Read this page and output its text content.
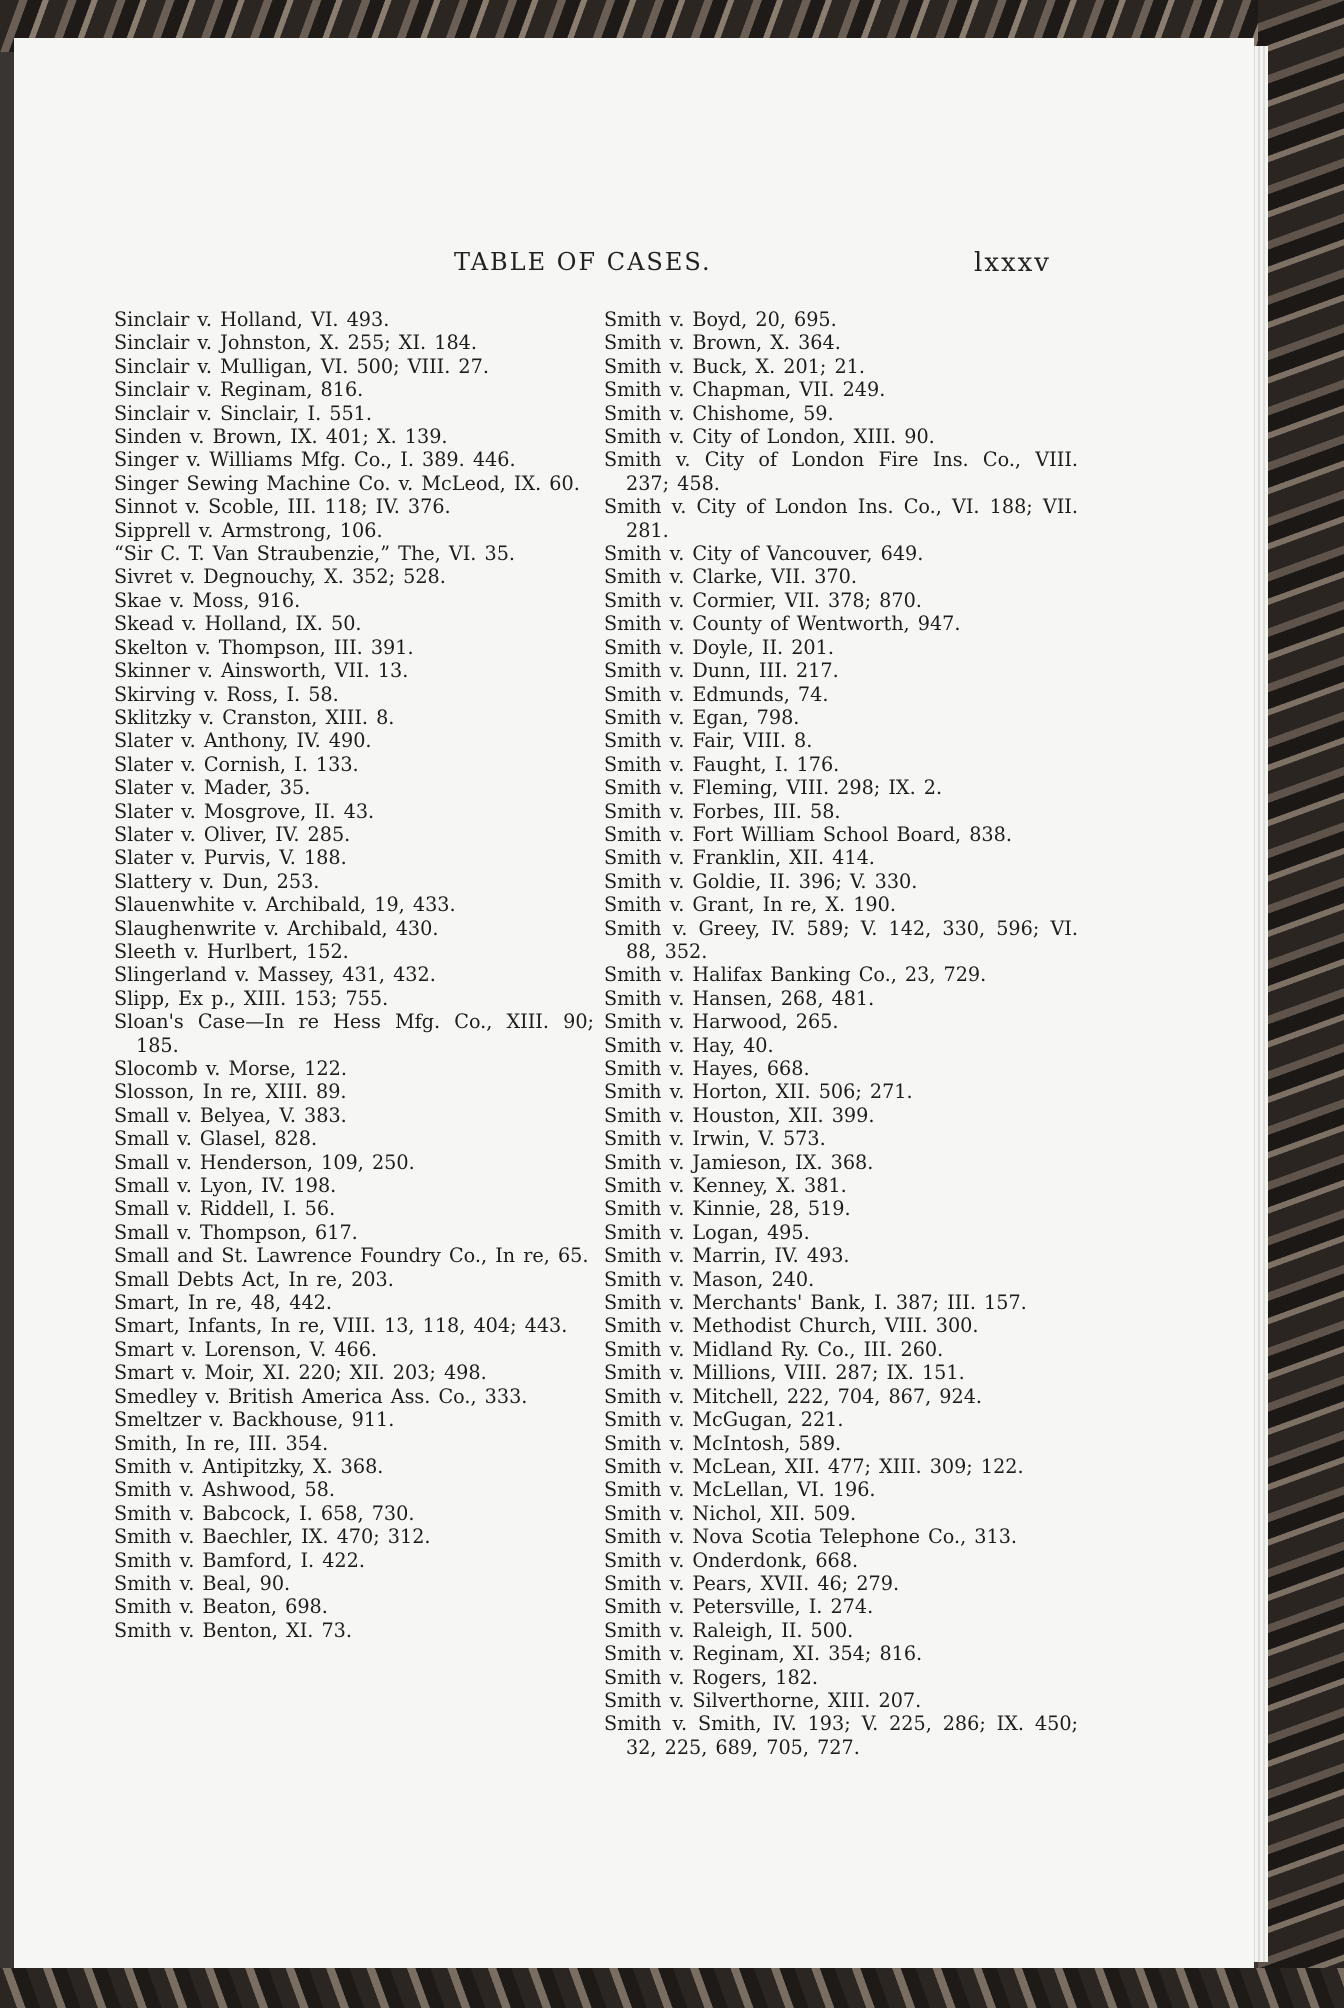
TABLE OF CASES.	lxxxv
Sinclair v. Holland, VI. 493.
Sinclair v. Johnston, X. 255; XI. 184.
Sinclair v. Mulligan, VI. 500; VIII. 27.
Sinclair v. Reginam, 816.
Sinclair v. Sinclair, I. 551.
Sinden v. Brown, IX. 401; X. 139.
Singer v. Williams Mfg. Co., I. 389. 446.
Singer Sewing Machine Co. v. McLeod, IX. 60.
Sinnot v. Scoble, III. 118; IV. 376.
Sipprell v. Armstrong, 106.
“Sir C. T. Van Straubenzie,” The, VI. 35.
Sivret v. Degnouchy, X. 352; 528.
Skae v. Moss, 916.
Skead v. Holland, IX. 50.
Skelton v. Thompson, III. 391.
Skinner v. Ainsworth, VII. 13.
Skirving v. Ross, I. 58.
Sklitzky v. Cranston, XIII. 8.
Slater v. Anthony, IV. 490.
Slater v. Cornish, I. 133.
Slater v. Mader, 35.
Slater v. Mosgrove, II. 43.
Slater v. Oliver, IV. 285.
Slater v. Purvis, V. 188.
Slattery v. Dun, 253.
Slauenwhite v. Archibald, 19, 433.
Slaughenwrite v. Archibald, 430.
Sleeth v. Hurlbert, 152.
Slingerland v. Massey, 431, 432.
Slipp, Ex p., XIII. 153; 755.
Sloan's Case—In re Hess Mfg. Co., XIII. 90; 185.
Slocomb v. Morse, 122.
Slosson, In re, XIII. 89.
Small v. Belyea, V. 383.
Small v. Glasel, 828.
Small v. Henderson, 109, 250.
Small v. Lyon, IV. 198.
Small v. Riddell, I. 56.
Small v. Thompson, 617.
Small and St. Lawrence Foundry Co., In re, 65.
Small Debts Act, In re, 203.
Smart, In re, 48, 442.
Smart, Infants, In re, VIII. 13, 118, 404; 443.
Smart v. Lorenson, V. 466.
Smart v. Moir, XI. 220; XII. 203; 498.
Smedley v. British America Ass. Co., 333.
Smeltzer v. Backhouse, 911.
Smith, In re, III. 354.
Smith v. Antipitzky, X. 368.
Smith v. Ashwood, 58.
Smith v. Babcock, I. 658, 730.
Smith v. Baechler, IX. 470; 312.
Smith v. Bamford, I. 422.
Smith v. Beal, 90.
Smith v. Beaton, 698.
Smith v. Benton, XI. 73.
Smith v. Boyd, 20, 695.
Smith v. Brown, X. 364.
Smith v. Buck, X. 201; 21.
Smith v. Chapman, VII. 249.
Smith v. Chishome, 59.
Smith v. City of London, XIII. 90.
Smith v. City of London Fire Ins. Co., VIII. 237; 458.
Smith v. City of London Ins. Co., VI. 188; VII. 281.
Smith v. City of Vancouver, 649.
Smith v. Clarke, VII. 370.
Smith v. Cormier, VII. 378; 870.
Smith v. County of Wentworth, 947.
Smith v. Doyle, II. 201.
Smith v. Dunn, III. 217.
Smith v. Edmunds, 74.
Smith v. Egan, 798.
Smith v. Fair, VIII. 8.
Smith v. Faught, I. 176.
Smith v. Fleming, VIII. 298; IX. 2.
Smith v. Forbes, III. 58.
Smith v. Fort William School Board, 838.
Smith v. Franklin, XII. 414.
Smith v. Goldie, II. 396; V. 330.
Smith v. Grant, In re, X. 190.
Smith v. Greey, IV. 589; V. 142, 330, 596; VI. 88, 352.
Smith v. Halifax Banking Co., 23, 729.
Smith v. Hansen, 268, 481.
Smith v. Harwood, 265.
Smith v. Hay, 40.
Smith v. Hayes, 668.
Smith v. Horton, XII. 506; 271.
Smith v. Houston, XII. 399.
Smith v. Irwin, V. 573.
Smith v. Jamieson, IX. 368.
Smith v. Kenney, X. 381.
Smith v. Kinnie, 28, 519.
Smith v. Logan, 495.
Smith v. Marrin, IV. 493.
Smith v. Mason, 240.
Smith v. Merchants' Bank, I. 387; III. 157.
Smith v. Methodist Church, VIII. 300.
Smith v. Midland Ry. Co., III. 260.
Smith v. Millions, VIII. 287; IX. 151.
Smith v. Mitchell, 222, 704, 867, 924.
Smith v. McGugan, 221.
Smith v. McIntosh, 589.
Smith v. McLean, XII. 477; XIII. 309; 122.
Smith v. McLellan, VI. 196.
Smith v. Nichol, XII. 509.
Smith v. Nova Scotia Telephone Co., 313.
Smith v. Onderdonk, 668.
Smith v. Pears, XVII. 46; 279.
Smith v. Petersville, I. 274.
Smith v. Raleigh, II. 500.
Smith v. Reginam, XI. 354; 816.
Smith v. Rogers, 182.
Smith v. Silverthorne, XIII. 207.
Smith v. Smith, IV. 193; V. 225, 286; IX. 450; 32, 225, 689, 705, 727.
